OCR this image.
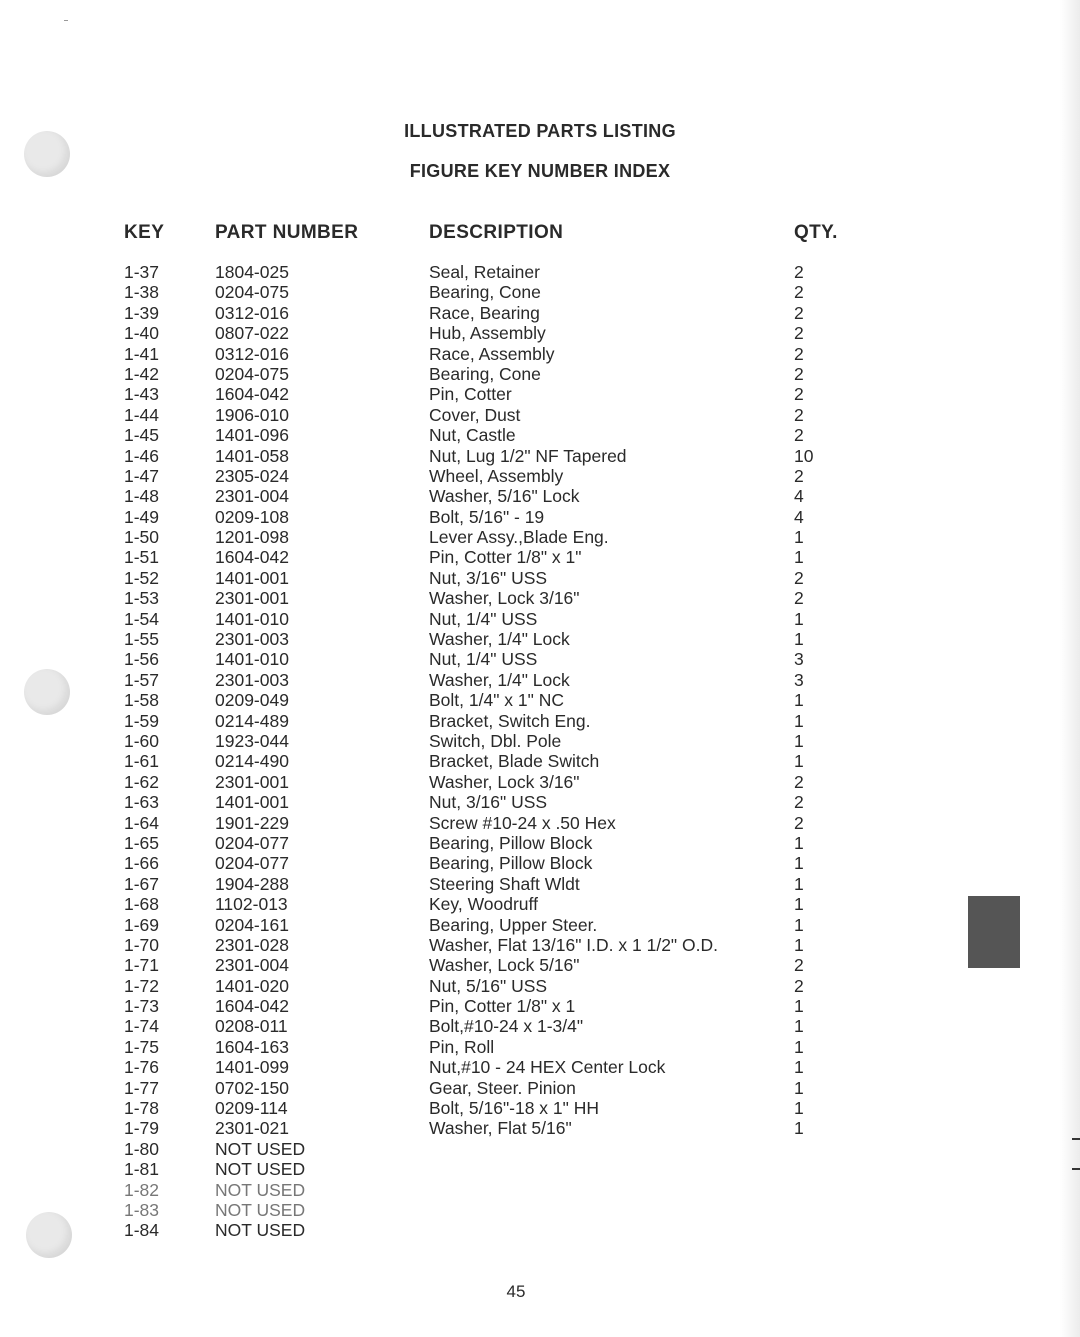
ILLUSTRATED PARTS LISTING
FIGURE KEY NUMBER INDEX
KEY	PART NUMBER	DESCRIPTION	QTY.
1-37	1804-025	Seal, Retainer	2
1-38	0204-075	Bearing, Cone	2
1-39	0312-016	Race, Bearing	2
1-40	0807-022	Hub, Assembly	2
1-41	0312-016	Race, Assembly	2
1-42	0204-075	Bearing, Cone	2
1-43	1604-042	Pin, Cotter	2
1-44	1906-010	Cover, Dust	2
1-45	1401-096	Nut, Castle	2
1-46	1401-058	Nut, Lug 1/2" NF Tapered	10
1-47	2305-024	Wheel, Assembly	2
1-48	2301-004	Washer, 5/16" Lock	4
1-49	0209-108	Bolt, 5/16" - 19	4
1-50	1201-098	Lever Assy.,Blade Eng.	1
1-51	1604-042	Pin, Cotter 1/8" x 1"	1
1-52	1401-001	Nut, 3/16" USS	2
1-53	2301-001	Washer, Lock 3/16"	2
1-54	1401-010	Nut, 1/4" USS	1
1-55	2301-003	Washer, 1/4" Lock	1
1-56	1401-010	Nut, 1/4" USS	3
1-57	2301-003	Washer, 1/4" Lock	3
1-58	0209-049	Bolt, 1/4" x 1" NC	1
1-59	0214-489	Bracket, Switch Eng.	1
1-60	1923-044	Switch, Dbl. Pole	1
1-61	0214-490	Bracket, Blade Switch	1
1-62	2301-001	Washer, Lock 3/16"	2
1-63	1401-001	Nut, 3/16" USS	2
1-64	1901-229	Screw #10-24 x .50 Hex	2
1-65	0204-077	Bearing, Pillow Block	1
1-66	0204-077	Bearing, Pillow Block	1
1-67	1904-288	Steering Shaft Wldt	1
1-68	1102-013	Key, Woodruff	1
1-69	0204-161	Bearing, Upper Steer.	1
1-70	2301-028	Washer, Flat 13/16" I.D. x 1 1/2" O.D.	1
1-71	2301-004	Washer, Lock 5/16"	2
1-72	1401-020	Nut, 5/16" USS	2
1-73	1604-042	Pin, Cotter 1/8" x 1	1
1-74	0208-011	Bolt,#10-24 x 1-3/4"	1
1-75	1604-163	Pin, Roll	1
1-76	1401-099	Nut,#10 - 24 HEX Center Lock	1
1-77	0702-150	Gear, Steer. Pinion	1
1-78	0209-114	Bolt, 5/16"-18 x 1" HH	1
1-79	2301-021	Washer, Flat 5/16"	1
1-80	NOT USED
1-81	NOT USED
1-82	NOT USED
1-83	NOT USED
1-84	NOT USED
45
